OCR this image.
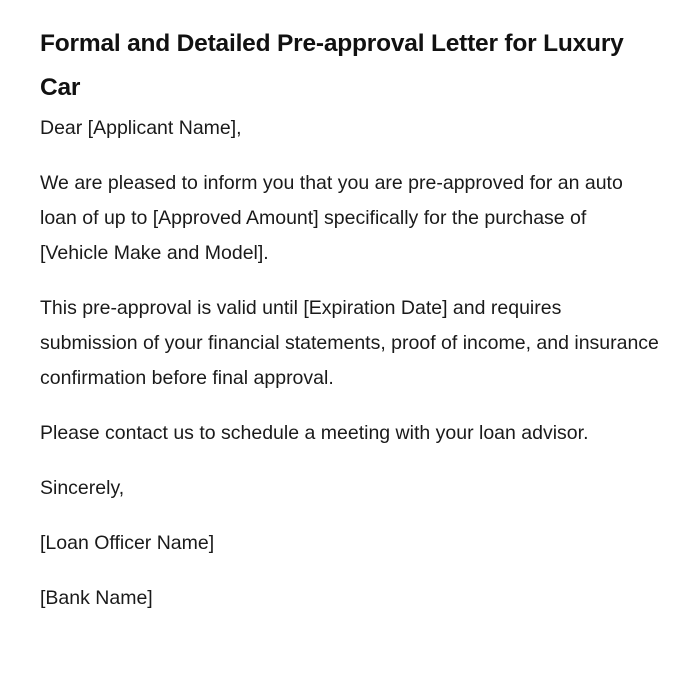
Formal and Detailed Pre-approval Letter for Luxury Car

Dear [Applicant Name],

We are pleased to inform you that you are pre-approved for an auto loan of up to [Approved Amount] specifically for the purchase of [Vehicle Make and Model].

This pre-approval is valid until [Expiration Date] and requires submission of your financial statements, proof of income, and insurance confirmation before final approval.

Please contact us to schedule a meeting with your loan advisor.

Sincerely,

[Loan Officer Name]

[Bank Name]
